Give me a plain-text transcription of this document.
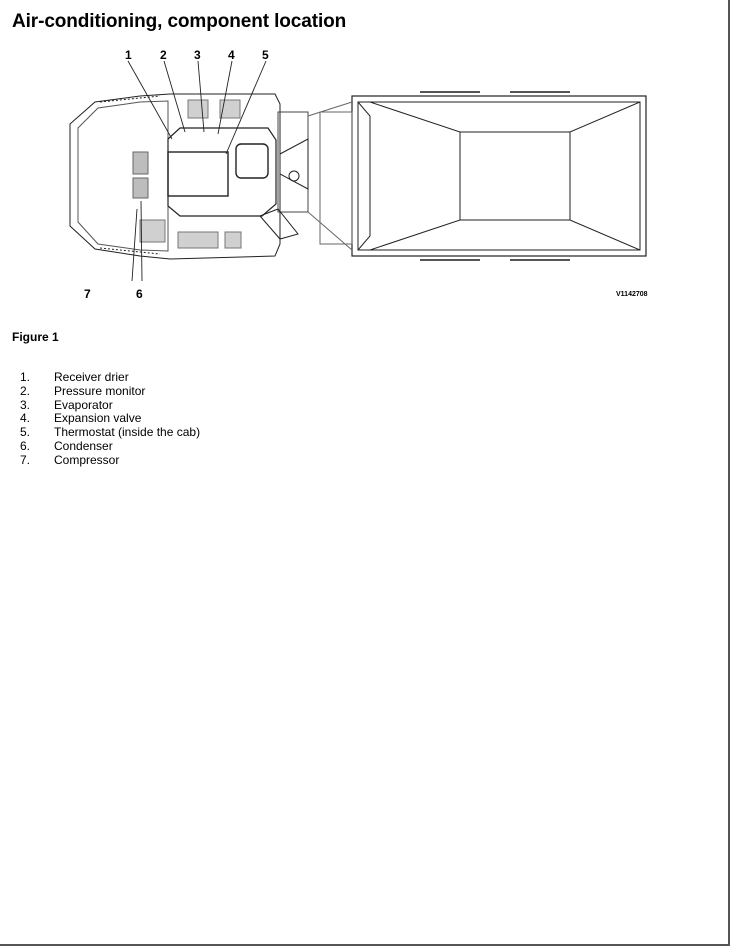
Air-conditioning, component location
1 2 3 4 5
6
7	V1142708
Figure 1
1.	Receiver drier
2.	Pressure monitor
3.	Evaporator
4.	Expansion valve
5.	Thermostat (inside the cab)
6.	Condenser
7.	Compressor
